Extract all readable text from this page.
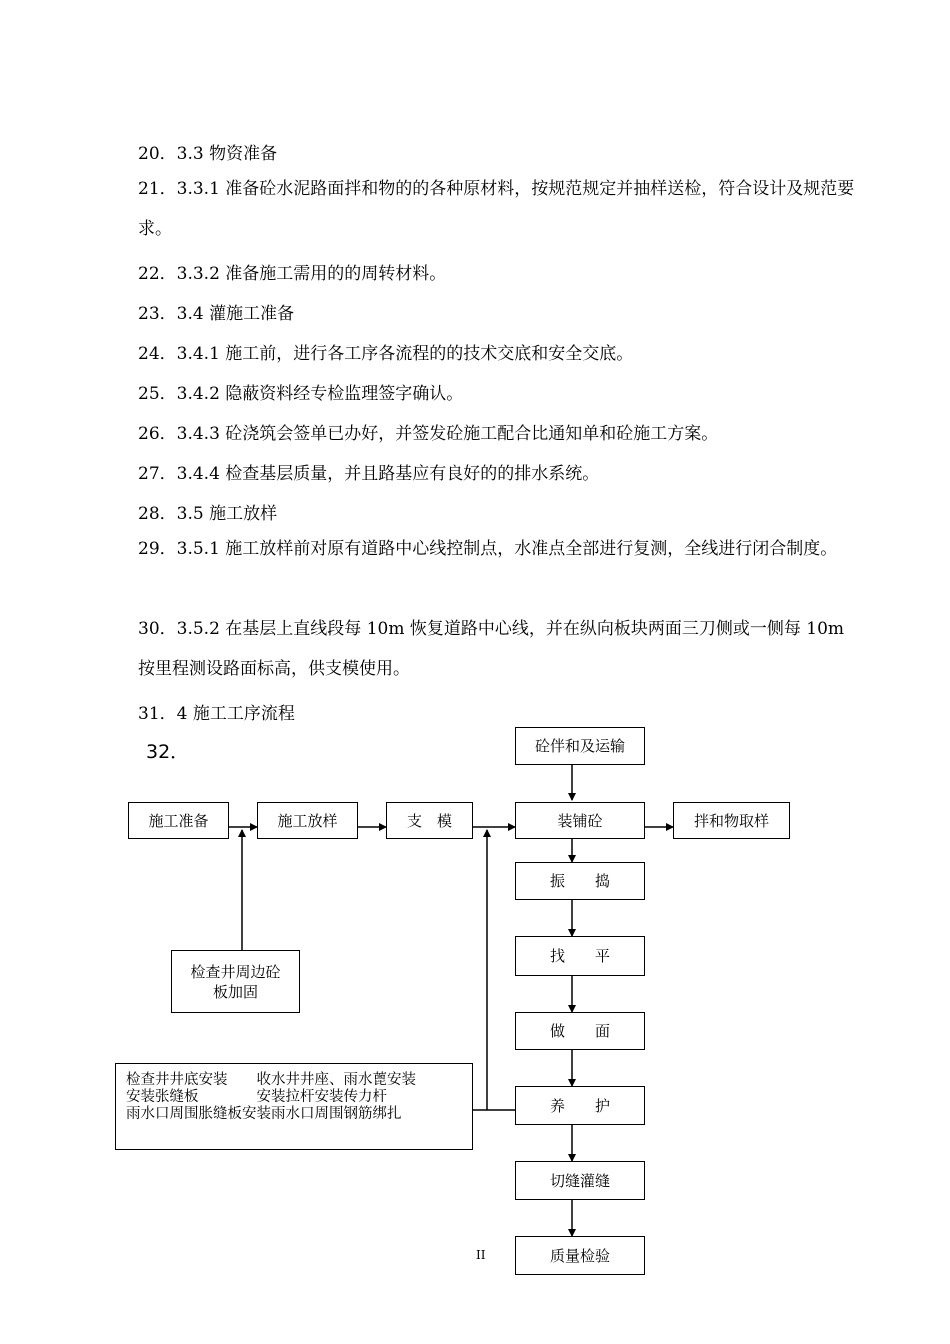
20．3.3 物资准备
21．3.3.1 准备砼水泥路面拌和物的的各种原材料，按规范规定并抽样送检，符合设计及规范要求。
22．3.3.2 准备施工需用的的周转材料。
23．3.4 灌施工准备
24．3.4.1 施工前，进行各工序各流程的的技术交底和安全交底。
25．3.4.2 隐蔽资料经专检监理签字确认。
26．3.4.3 砼浇筑会签单已办好，并签发砼施工配合比通知单和砼施工方案。
27．3.4.4 检查基层质量，并且路基应有良好的的排水系统。
28．3.5 施工放样
29．3.5.1 施工放样前对原有道路中心线控制点，水准点全部进行复测，全线进行闭合制度。
30．3.5.2 在基层上直线段每 10m 恢复道路中心线，并在纵向板块两面三刀侧或一侧每 10m 按里程测设路面标高，供支模使用。
31．4 施工工序流程
32．
施工准备	施工放样	支　模
砼伴和及运输
装铺砼	拌和物取样
检查井周边砼板加固
振　　捣
找　　平
做　　面
养　　护
切缝灌缝
质量检验
检查井井底安装　　收水井井座、雨水蓖安装
安装张缝板　　　　安装拉杆安装传力杆
雨水口周围胀缝板安装雨水口周围钢筋绑扎
II
